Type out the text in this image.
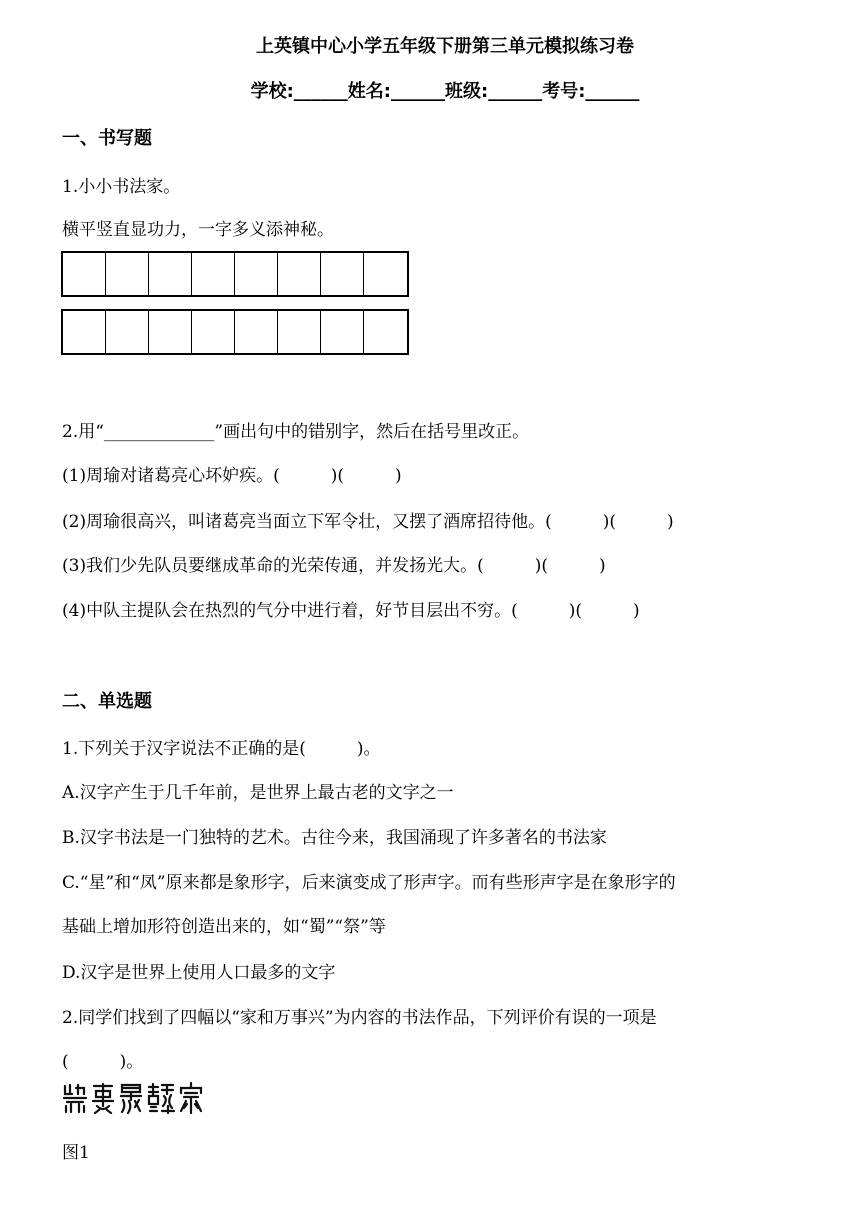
上英镇中心小学五年级下册第三单元模拟练习卷
学校:______姓名:______班级:______考号:______
一、书写题
1.小小书法家。
横平竖直显功力，一字多义添神秘。
2.用“_____________”画出句中的错别字，然后在括号里改正。
(1)周瑜对诸葛亮心坏妒疾。(　　　)(　　　)
(2)周瑜很高兴，叫诸葛亮当面立下军令壮，又摆了酒席招待他。(　　　)(　　　)
(3)我们少先队员要继成革命的光荣传通，并发扬光大。(　　　)(　　　)
(4)中队主提队会在热烈的气分中进行着，好节目层出不穷。(　　　)(　　　)
二、单选题
1.下列关于汉字说法不正确的是(　　　)。
A.汉字产生于几千年前，是世界上最古老的文字之一
B.汉字书法是一门独特的艺术。古往今来，我国涌现了许多著名的书法家
C.“星”和“凤”原来都是象形字，后来演变成了形声字。而有些形声字是在象形字的
基础上增加形符创造出来的，如“蜀”“祭”等
D.汉字是世界上使用人口最多的文字
2.同学们找到了四幅以“家和万事兴”为内容的书法作品，下列评价有误的一项是
(　　　)。
图1
